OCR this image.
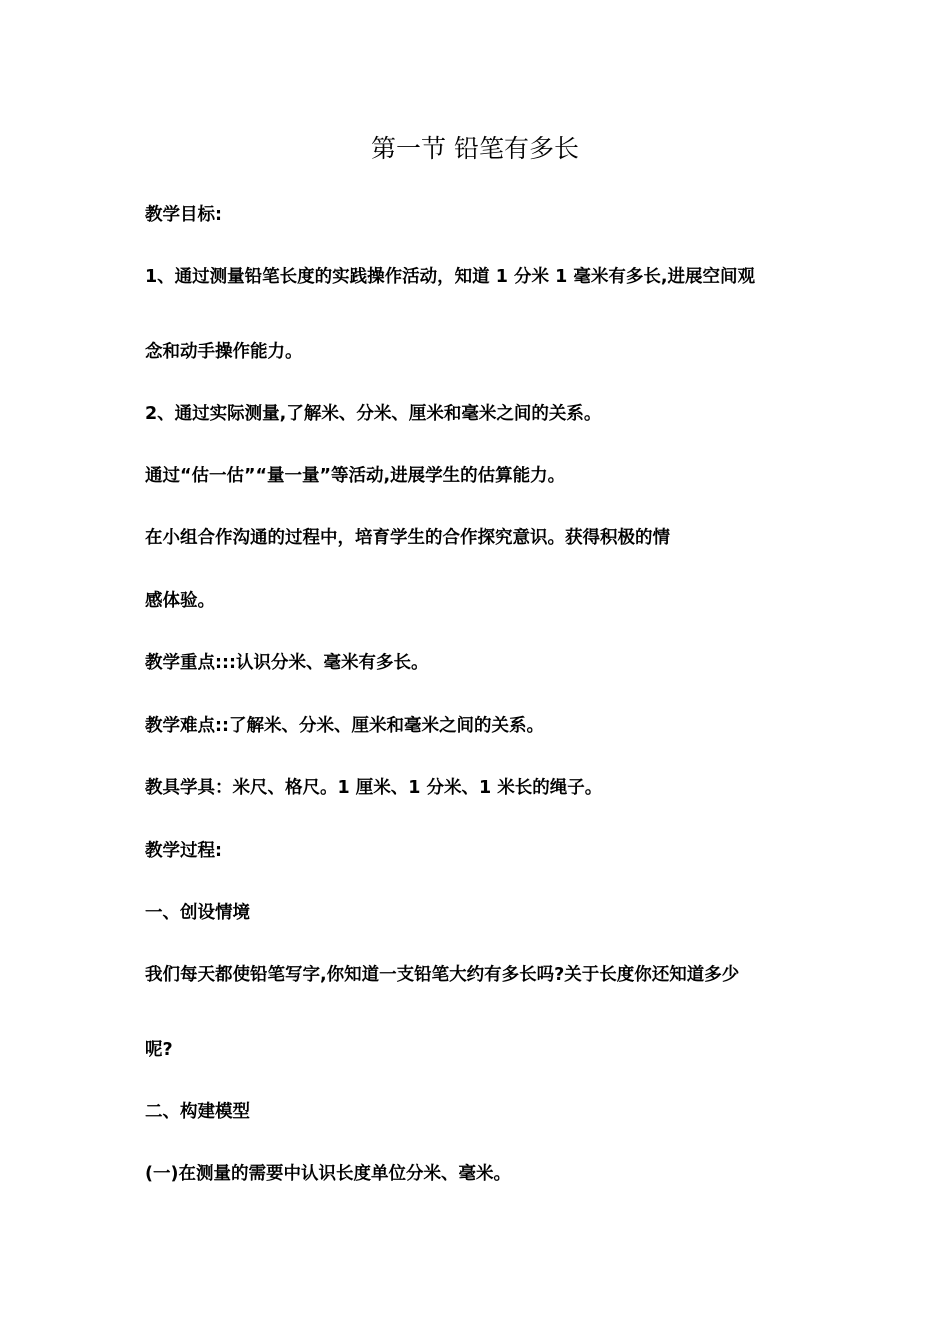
第一节 铅笔有多长

教学目标:

1、通过测量铅笔长度的实践操作活动，知道 1 分米 1 毫米有多长,进展空间观

念和动手操作能力。

2、通过实际测量,了解米、分米、厘米和毫米之间的关系。

通过“估一估”“量一量”等活动,进展学生的估算能力。

在小组合作沟通的过程中，培育学生的合作探究意识。获得积极的情

感体验。

教学重点:::认识分米、毫米有多长。

教学难点::了解米、分米、厘米和毫米之间的关系。

教具学具：米尺、格尺。1 厘米、1 分米、1 米长的绳子。

教学过程:

一、创设情境

我们每天都使铅笔写字,你知道一支铅笔大约有多长吗?关于长度你还知道多少

呢?

二、构建模型

(一)在测量的需要中认识长度单位分米、毫米。
